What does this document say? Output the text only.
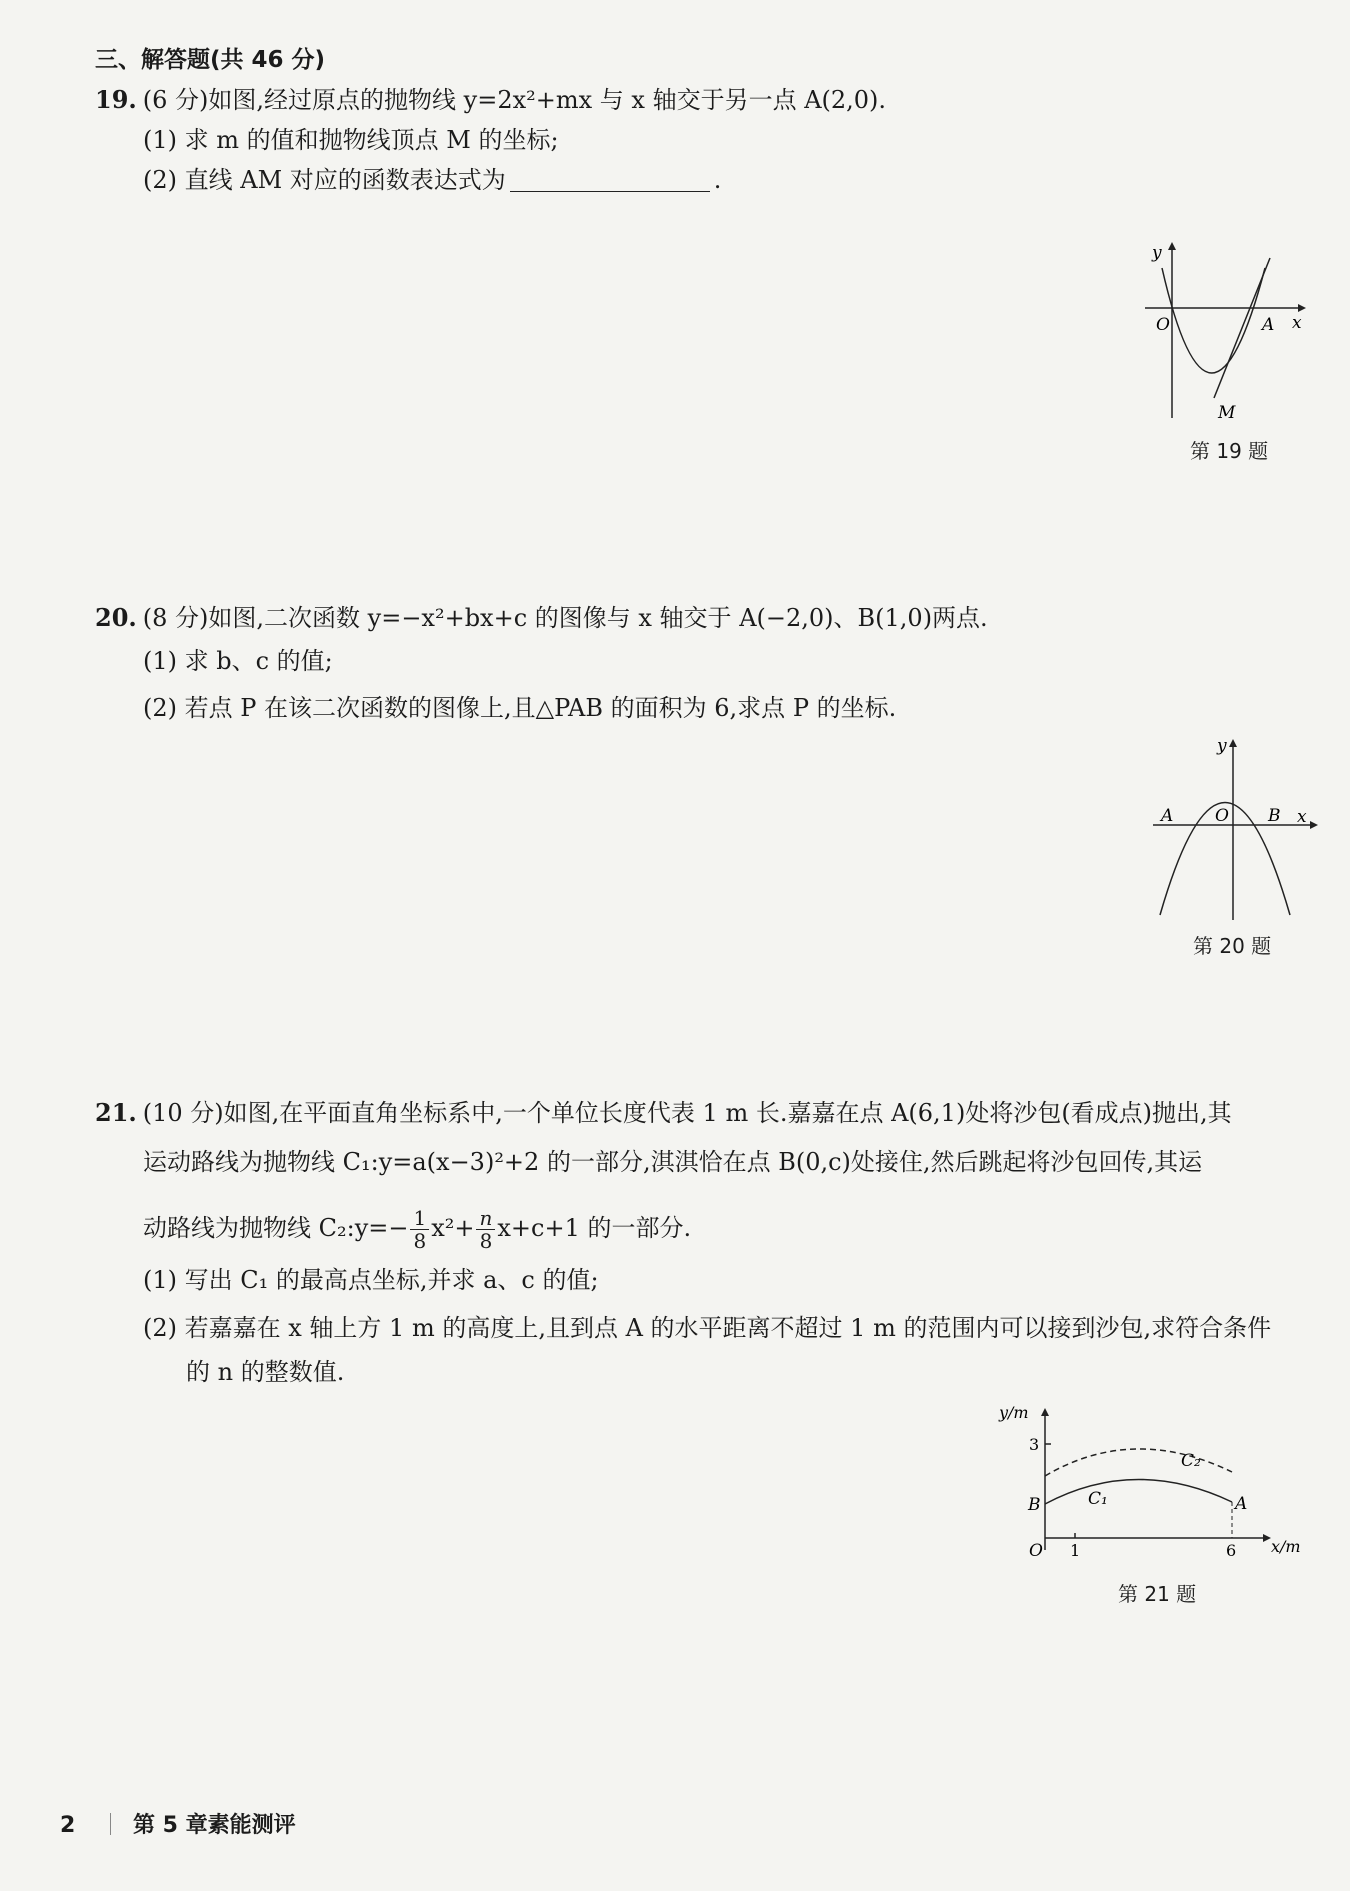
三、解答题(共 46 分)
19. (6 分)如图,经过原点的抛物线 y=2x²+mx 与 x 轴交于另一点 A(2,0).
(1) 求 m 的值和抛物线顶点 M 的坐标;
(2) 直线 AM 对应的函数表达式为	.
y
x
O	A
M
第 19 题
20. (8 分)如图,二次函数 y=−x²+bx+c 的图像与 x 轴交于 A(−2,0)、B(1,0)两点.
(1) 求 b、c 的值;
(2) 若点 P 在该二次函数的图像上,且△PAB 的面积为 6,求点 P 的坐标.
y
x
A O B
第 20 题
21. (10 分)如图,在平面直角坐标系中,一个单位长度代表 1 m 长.嘉嘉在点 A(6,1)处将沙包(看成点)抛出,其
运动路线为抛物线 C₁:y=a(x−3)²+2 的一部分,淇淇恰在点 B(0,c)处接住,然后跳起将沙包回传,其运
动路线为抛物线 C₂:y=− $\frac{1}{8} x^2+ \frac{n}{8} x+c+1$ 的一部分.
(1) 写出 C₁ 的最高点坐标,并求 a、c 的值;
(2) 若嘉嘉在 x 轴上方 1 m 的高度上,且到点 A 的水平距离不超过 1 m 的范围内可以接到沙包,求符合条件
的 n 的整数值.
y/m
x/m
3
B	A
O 1	6
C₁
C₂
第 21 题
2	第 5 章素能测评
